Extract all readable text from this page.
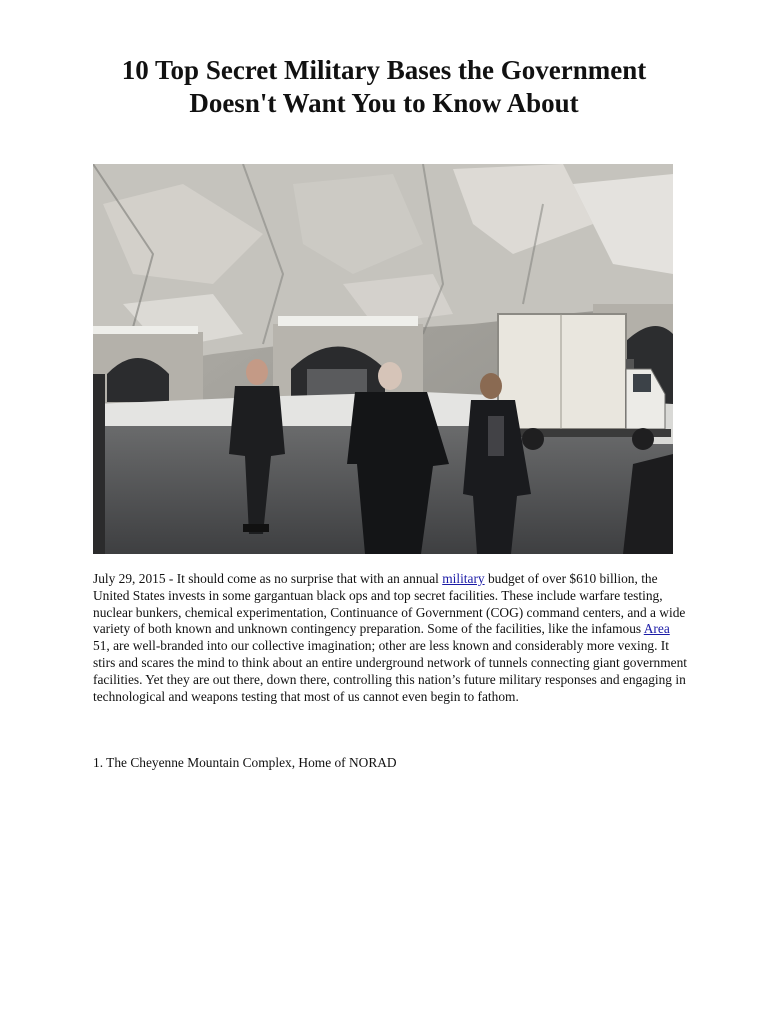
10 Top Secret Military Bases the Government Doesn't Want You to Know About

July 29, 2015 - It should come as no surprise that with an annual military budget of over $610 billion, the United States invests in some gargantuan black ops and top secret facilities. These include warfare testing, nuclear bunkers, chemical experimentation, Continuance of Government (COG) command centers, and a wide variety of both known and unknown contingency preparation. Some of the facilities, like the infamous Area 51, are well-branded into our collective imagination; other are less known and considerably more vexing. It stirs and scares the mind to think about an entire underground network of tunnels connecting giant government facilities. Yet they are out there, down there, controlling this nation’s future military responses and engaging in technological and weapons testing that most of us cannot even begin to fathom.

1. The Cheyenne Mountain Complex, Home of NORAD
